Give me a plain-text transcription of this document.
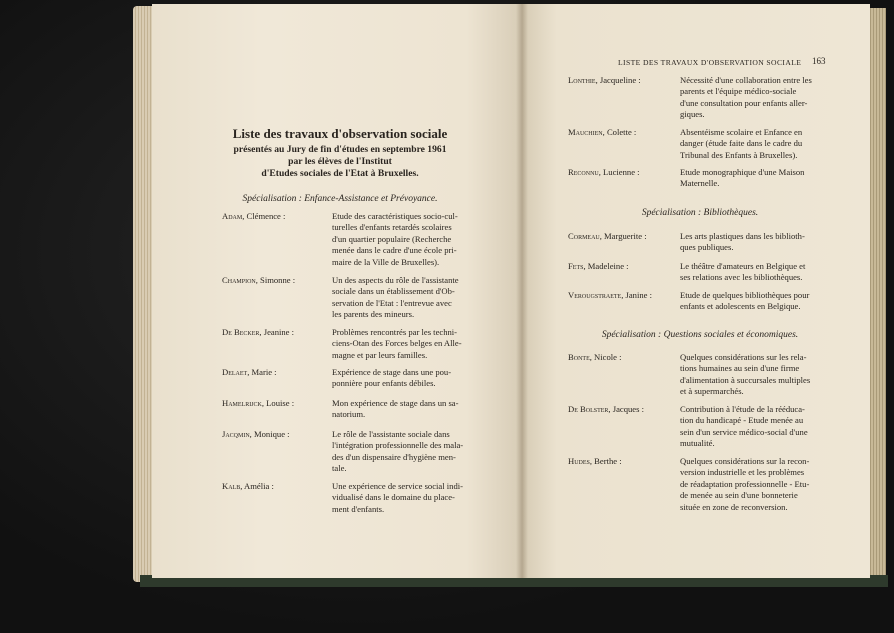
Liste des travaux d'observation sociale
présentés au Jury de fin d'études en septembre 1961
par les élèves de l'Institut
d'Etudes sociales de l'Etat à Bruxelles.
Spécialisation : Enfance-Assistance et Prévoyance.
Adam, Clémence :	Etude des caractéristiques socio-cul-
turelles d'enfants retardés scolaires
d'un quartier populaire (Recherche
menée dans le cadre d'une école pri-
maire de la Ville de Bruxelles).
Champion, Simonne :	Un des aspects du rôle de l'assistante
sociale dans un établissement d'Ob-
servation de l'Etat : l'entrevue avec
les parents des mineurs.
De Becker, Jeanine :	Problèmes rencontrés par les techni-
ciens-Otan des Forces belges en Alle-
magne et par leurs familles.
Delaet, Marie :	Expérience de stage dans une pou-
ponnière pour enfants débiles.
Hamelrijck, Louise :	Mon expérience de stage dans un sa-
natorium.
Jacqmin, Monique :	Le rôle de l'assistante sociale dans
l'intégration professionnelle des mala-
des d'un dispensaire d'hygiène men-
tale.
Kalb, Amélia :	Une expérience de service social indi-
vidualisé dans le domaine du place-
ment d'enfants.
LISTE DES TRAVAUX D'OBSERVATION SOCIALE 163
Lonthie, Jacqueline :	Nécessité d'une collaboration entre les
parents et l'équipe médico-sociale
d'une consultation pour enfants aller-
giques.
Mauchien, Colette :	Absentéisme scolaire et Enfance en
danger (étude faite dans le cadre du
Tribunal des Enfants à Bruxelles).
Reconnu, Lucienne :	Etude monographique d'une Maison
Maternelle.
Spécialisation : Bibliothèques.
Cormeau, Marguerite :	Les arts plastiques dans les biblioth-
ques publiques.
Fets, Madeleine :	Le théâtre d'amateurs en Belgique et
ses relations avec les bibliothèques.
Verougstraete, Janine :	Etude de quelques bibliothèques pour
enfants et adolescents en Belgique.
Spécialisation : Questions sociales et économiques.
Bonte, Nicole :	Quelques considérations sur les rela-
tions humaines au sein d'une firme
d'alimentation à succursales multiples
et à supermarchés.
De Bolster, Jacques :	Contribution à l'étude de la rééduca-
tion du handicapé - Etude menée au
sein d'un service médico-social d'une
mutualité.
Hudes, Berthe :	Quelques considérations sur la recon-
version industrielle et les problèmes
de réadaptation professionnelle - Etu-
de menée au sein d'une bonneterie
située en zone de reconversion.
